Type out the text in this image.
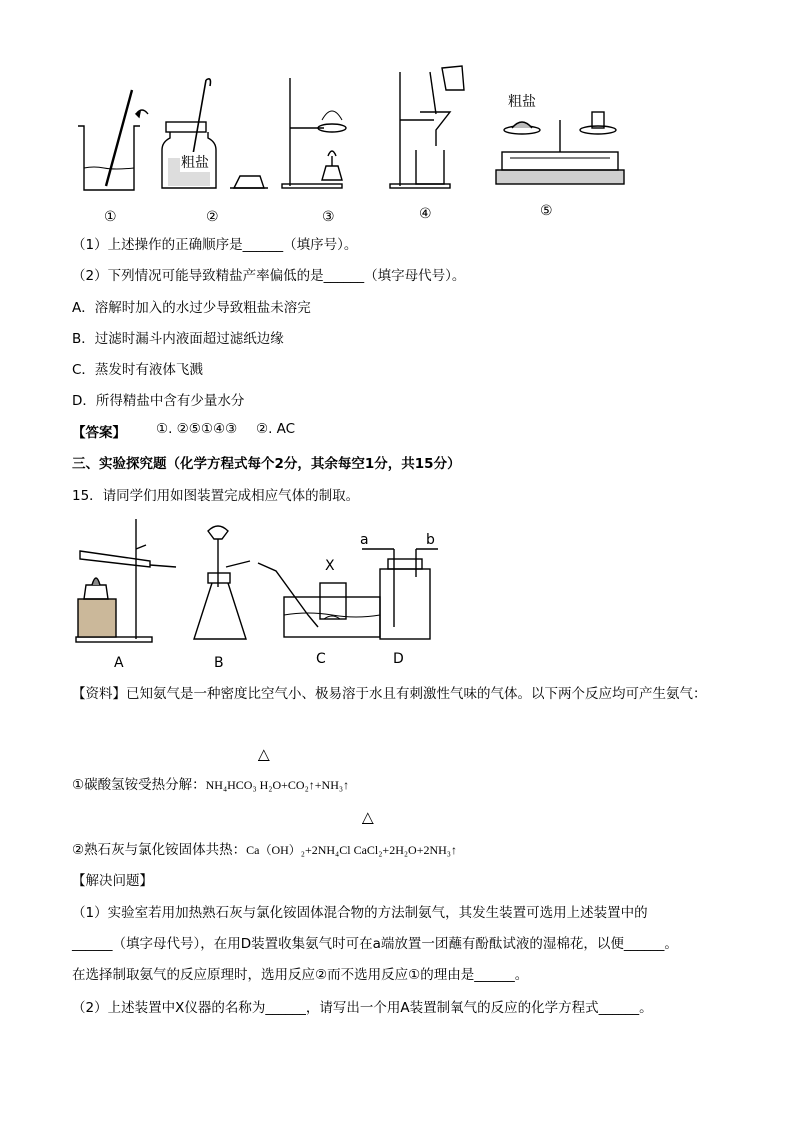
①	②	③	④	⑤
粗盐
粗盐
（1）上述操作的正确顺序是______（填序号）。
（2）下列情况可能导致精盐产率偏低的是______（填字母代号）。
A．溶解时加入的水过少导致粗盐未溶完
B．过滤时漏斗内液面超过滤纸边缘
C．蒸发时有液体飞溅
D．所得精盐中含有少量水分
【答案】 ①. ②⑤①④③ ②. AC
三、实验探究题（化学方程式每个2分，其余每空1分，共15分）
15．请同学们用如图装置完成相应气体的制取。
A	B	C	D
X
a	b
【资料】已知氨气是一种密度比空气小、极易溶于水且有刺激性气味的气体。以下两个反应均可产生氨气：
△
①碳酸氢铵受热分解：NH₄HCO₃ H₂O+CO₂↑+NH₃↑
△
②熟石灰与氯化铵固体共热：Ca（OH）₂+2NH₄Cl CaCl₂+2H₂O+2NH₃↑
【解决问题】
（1）实验室若用加热熟石灰与氯化铵固体混合物的方法制氨气，其发生装置可选用上述装置中的
______（填字母代号），在用D装置收集氨气时可在a端放置一团蘸有酚酞试液的湿棉花，以便______。
在选择制取氨气的反应原理时，选用反应②而不选用反应①的理由是______。
（2）上述装置中X仪器的名称为______，请写出一个用A装置制氧气的反应的化学方程式______。
